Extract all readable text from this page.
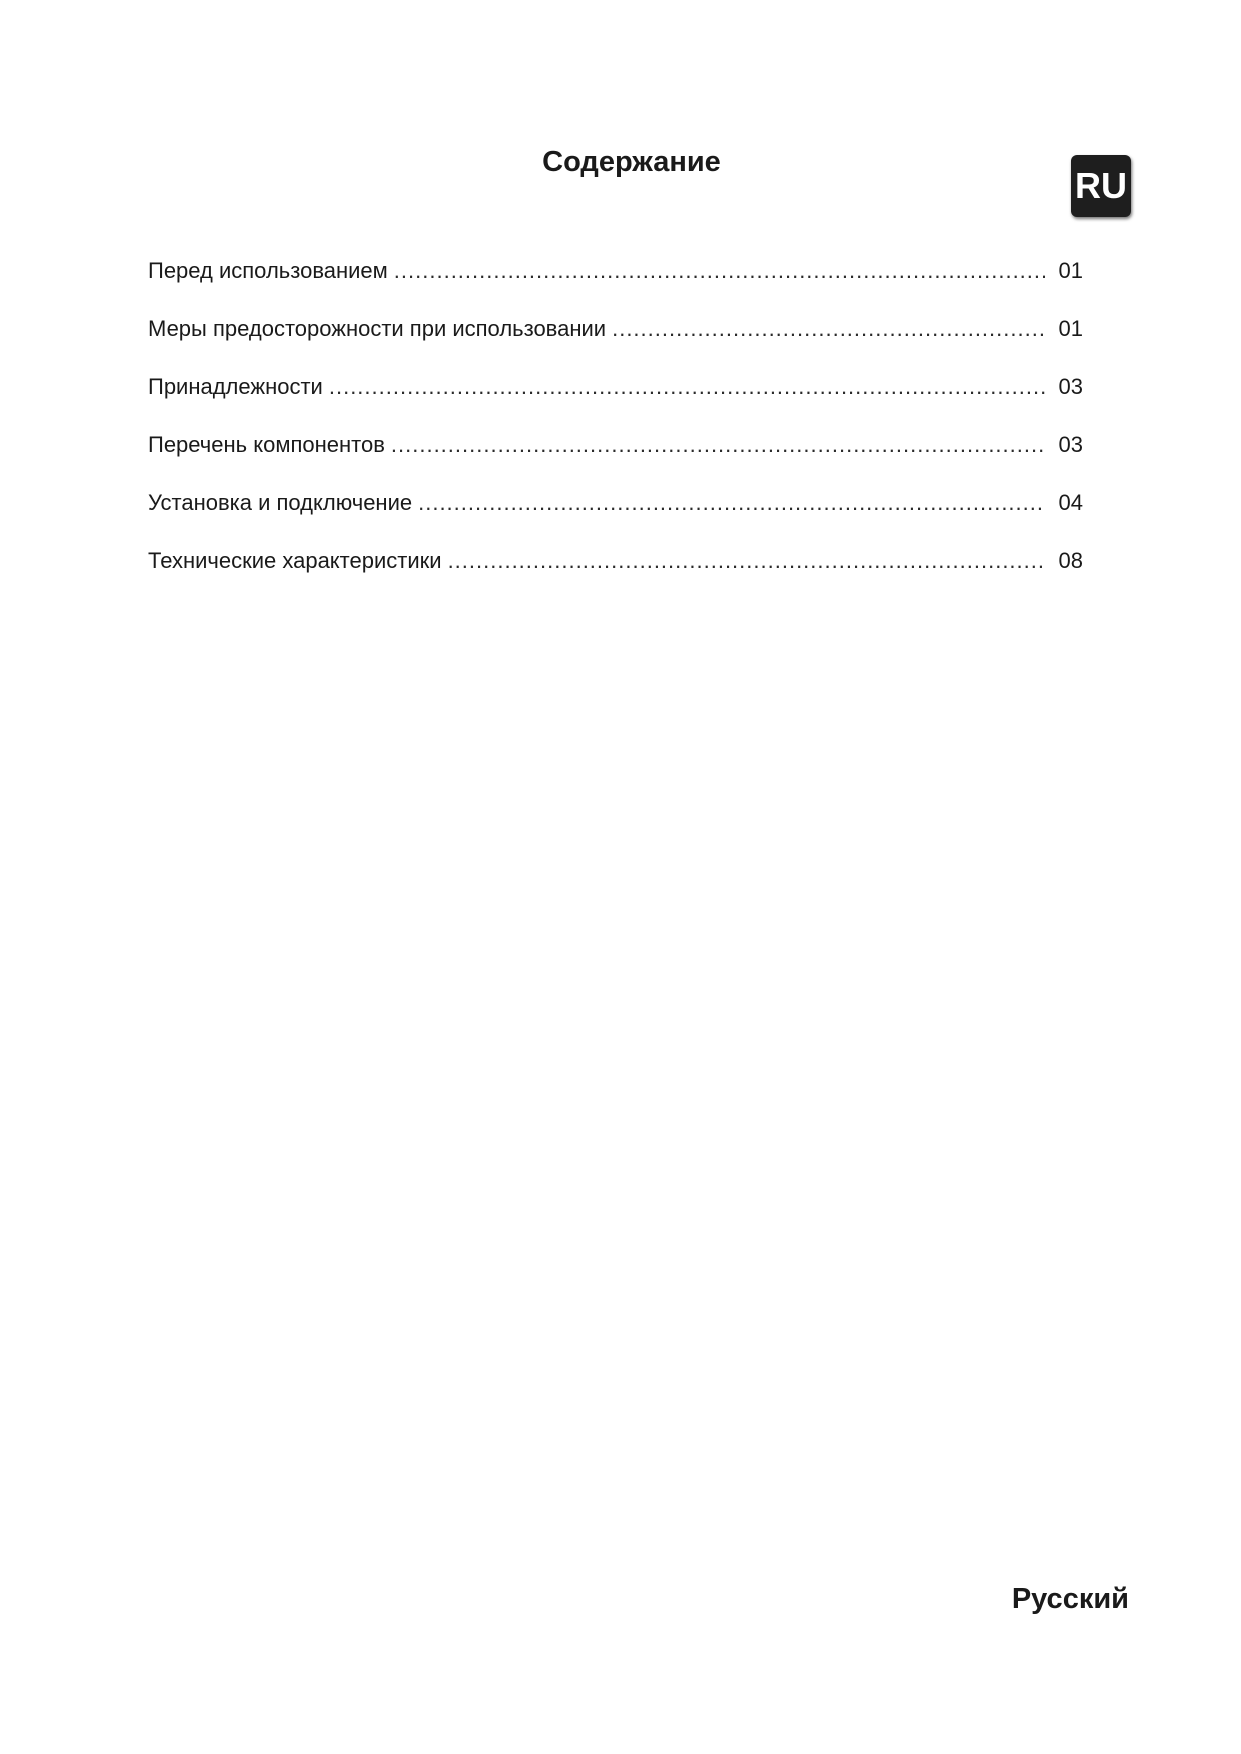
Содержание
RU
Перед использованием .....	01
Меры предосторожности при использовании .....	01
Принадлежности .....	03
Перечень компонентов .....	03
Установка и подключение .....	04
Технические характеристики .....	08
Русский
